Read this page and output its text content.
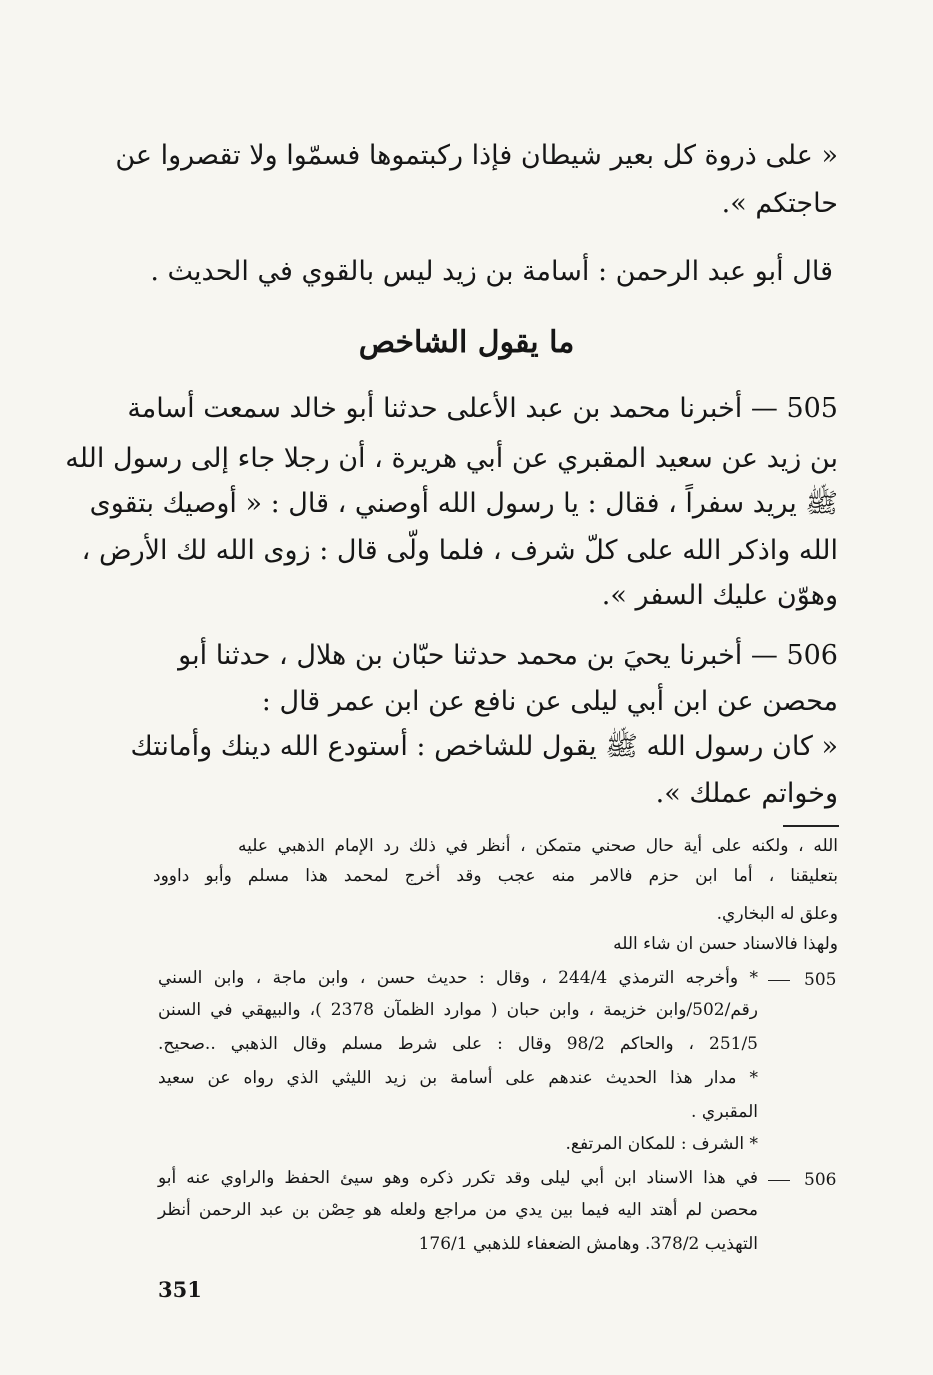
« على ذروة كل بعير شيطان فإذا ركبتموها فسمّوا ولا تقصروا عن
حاجتكم ».
قال أبو عبد الرحمن : أسامة بن زيد ليس بالقوي في الحديث .
ما يقول الشاخص
505 — أخبرنا محمد بن عبد الأعلى حدثنا أبو خالد سمعت أسامة
بن زيد عن سعيد المقبري عن أبي هريرة ، أن رجلا جاء إلى رسول الله
ﷺ يريد سفراً ، فقال : يا رسول الله أوصني ، قال : « أوصيك بتقوى
الله واذكر الله على كلّ شرف ، فلما ولّى قال : زوى الله لك الأرض ،
وهوّن عليك السفر ».
506 — أخبرنا يحيَ بن محمد حدثنا حبّان بن هلال ، حدثنا أبو
محصن عن ابن أبي ليلى عن نافع عن ابن عمر قال :
« كان رسول الله ﷺ يقول للشاخص : أستودع الله دينك وأمانتك
وخواتم عملك ».
الله ، ولكنه على أية حال صحني متمكن ، أنظر في ذلك رد الإمام الذهبي عليه
بتعليقنا ، أما ابن حزم فالامر منه عجب وقد أخرج لمحمد هذا مسلم وأبو داوود
وعلق له البخاري.
ولهذا فالاسناد حسن ان شاء الله
505
* وأخرجه الترمذي 244/4 ، وقال : حديث حسن ، وابن ماجة ، وابن السني
رقم/502/وابن خزيمة ، وابن حبان ( موارد الظمآن 2378 )، والبيهقي في السنن
251/5 ، والحاكم 98/2 وقال : على شرط مسلم وقال الذهبي ..صحيح.
* مدار هذا الحديث عندهم على أسامة بن زيد الليثي الذي رواه عن سعيد
المقبري .
* الشرف : للمكان المرتفع.
506
في هذا الاسناد ابن أبي ليلى وقد تكرر ذكره وهو سيئ الحفظ والراوي عنه أبو
محصن لم أهتد اليه فيما بين يدي من مراجع ولعله هو حِصْن بن عبد الرحمن أنظر
التهذيب 378/2. وهامش الضعفاء للذهبي 176/1
351
